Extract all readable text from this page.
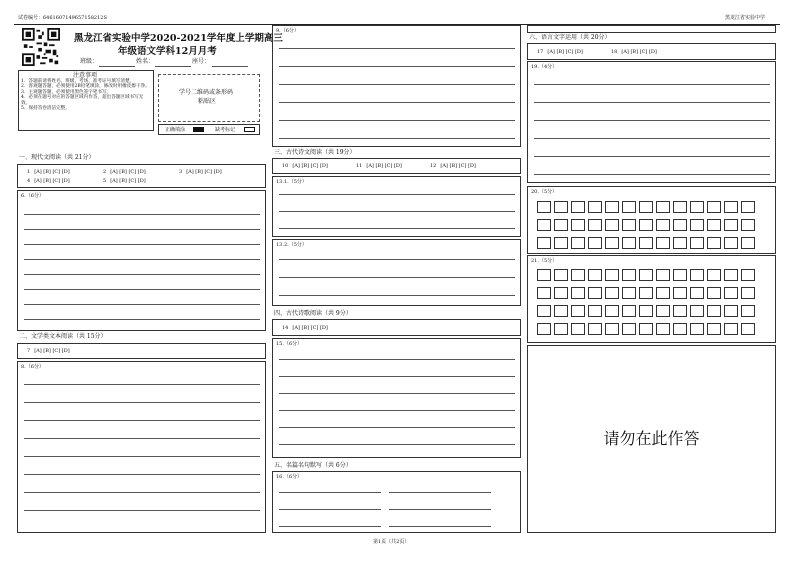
试卷编号：6461607149657158212S	黑龙江省实验中学
黑龙江省实验中学2020-2021学年度上学期高三
年级语文学科12月月考
班级：	姓名：	座号：
注意事项
1．答题前请将姓名、班级、考场、准考证号填写清楚。
2．客观题答题，必须使用2B铅笔填涂，修改时用橡皮擦干净。
3．主观题答题，必须使用黑色签字笔书写。
4．必须在题号对应的答题区域内作答，超出答题区域书写无效。
5．保持答卷清洁完整。
学号二维码或条形码
粘贴区
正确填涂	缺考标记
一、现代文阅读（共 21分）
1 [A] [B] [C] [D]	2 [A] [B] [C] [D]	3 [A] [B] [C] [D]
4 [A] [B] [C] [D]	5 [A] [B] [C] [D]
6.（6分）
二、文学类文本阅读（共 15分）
7 [A] [B] [C] [D]
8.（6分）
9.（6分）
三、古代诗文阅读（共 19分）
10 [A] [B] [C] [D]	11 [A] [B] [C] [D]	12 [A] [B] [C] [D]
13.1.（5分）
13.2.（5分）
四、古代诗歌阅读（共 9分）
14 [A] [B] [C] [D]
15.（6分）
五、名篇名句默写（共 6分）
16.（6分）
六、语言文字运用（共 20分）
17 [A] [B] [C] [D]	18 [A] [B] [C] [D]
19.（4分）
20.（5分）
21.（5分）
请勿在此作答
第1页（共2页）
